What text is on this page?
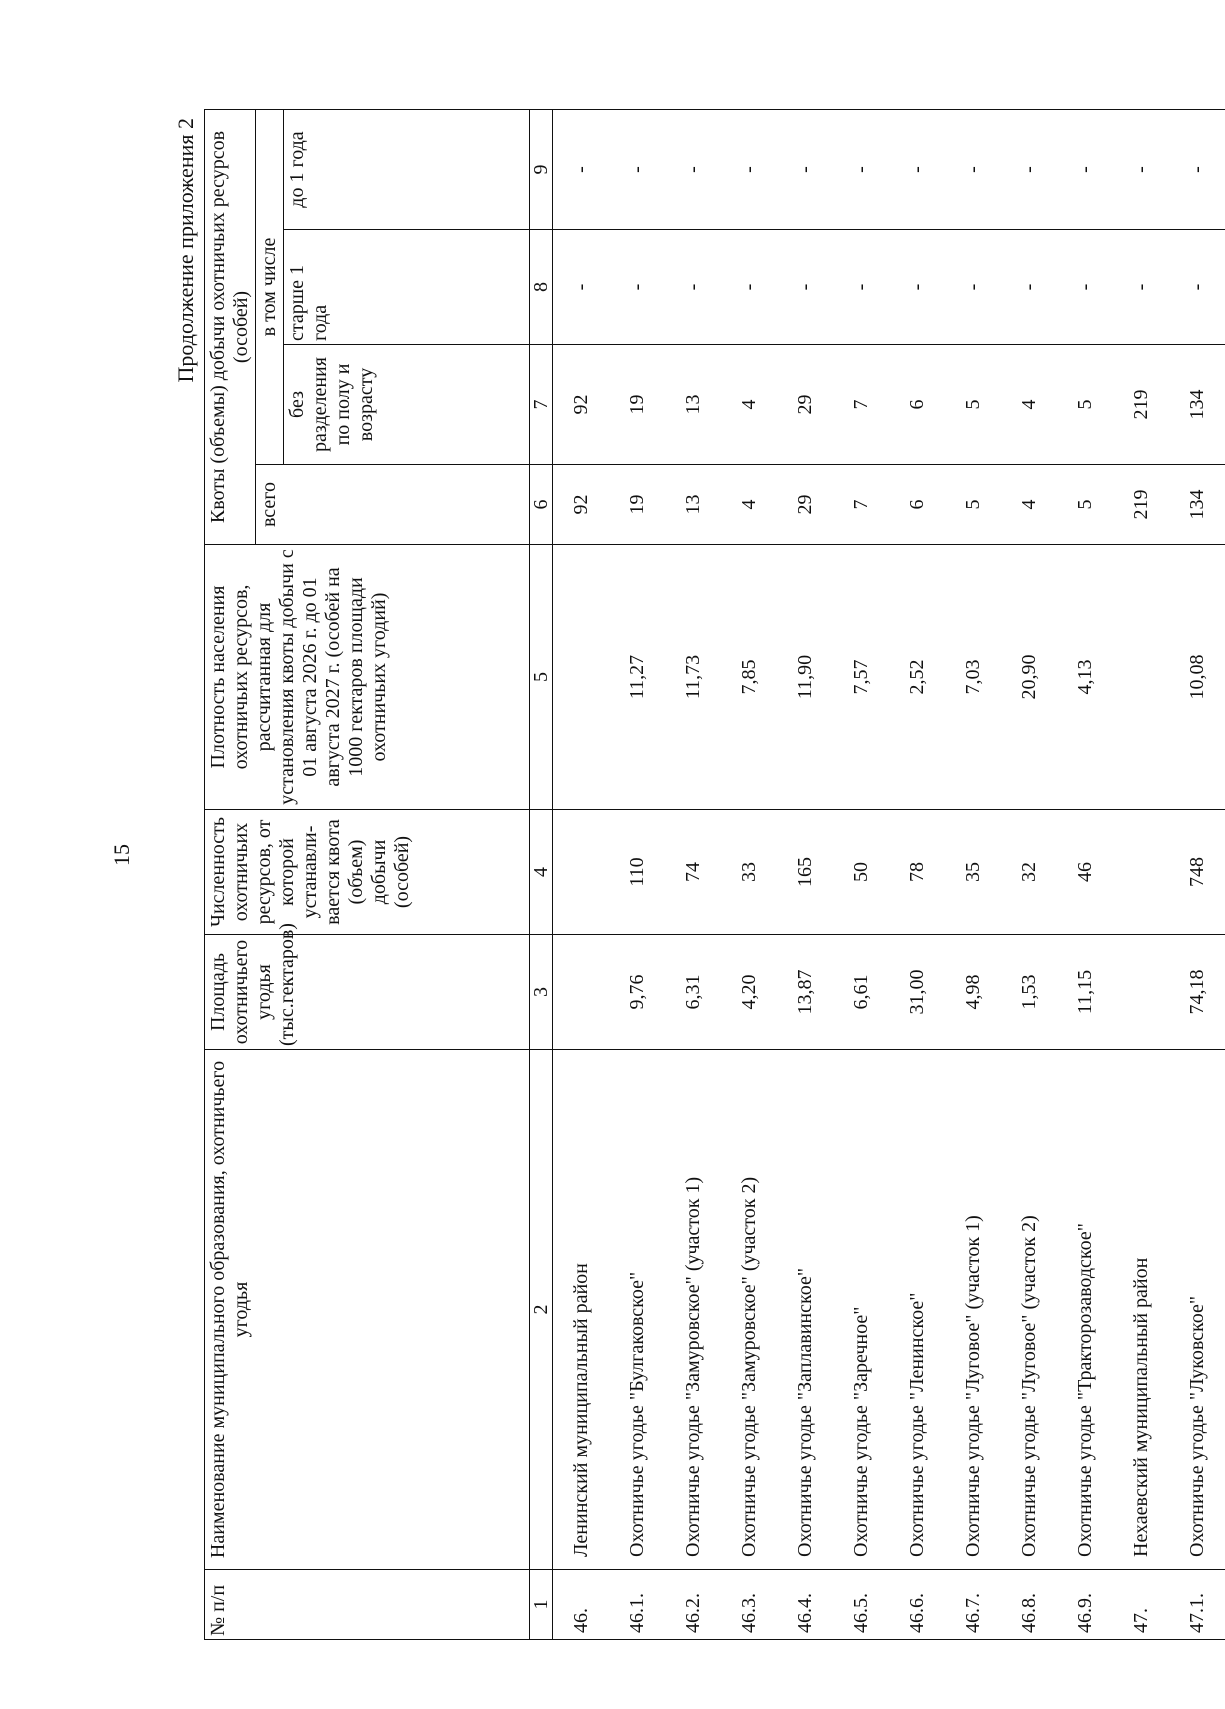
15
Продолжение приложения 2
№ п/п	Наименование муниципального образования, охотничьего угодья	Площадь охотничьего угодья (тыс.гектаров)	Численность охотничьих ресурсов, от которой устанавли-вается квота (объем) добычи (особей)	Плотность населения охотничьих ресурсов, рассчитанная для установления квоты добычи с 01 августа 2026 г. до 01 августа 2027 г. (особей на 1000 гектаров площади охотничьих угодий)	Квоты (объемы) добычи охотничьих ресурсов (особей)			
					всего	в том числе		
						без разделения по полу и возрасту	старше 1 года	до 1 года
1	2	3	4	5	6	7	8	9
46.	Ленинский муниципальный район				92	92	-	-
46.1.	Охотничье угодье "Булгаковское"	9,76	110	11,27	19	19	-	-
46.2.	Охотничье угодье "Замуровское" (участок 1)	6,31	74	11,73	13	13	-	-
46.3.	Охотничье угодье "Замуровское" (участок 2)	4,20	33	7,85	4	4	-	-
46.4.	Охотничье угодье "Заплавинское"	13,87	165	11,90	29	29	-	-
46.5.	Охотничье угодье "Заречное"	6,61	50	7,57	7	7	-	-
46.6.	Охотничье угодье "Ленинское"	31,00	78	2,52	6	6	-	-
46.7.	Охотничье угодье "Луговое" (участок 1)	4,98	35	7,03	5	5	-	-
46.8.	Охотничье угодье "Луговое" (участок 2)	1,53	32	20,90	4	4	-	-
46.9.	Охотничье угодье "Тракторозаводское"	11,15	46	4,13	5	5	-	-
47.	Нехаевский муниципальный район				219	219	-	-
47.1.	Охотничье угодье "Луковское"	74,18	748	10,08	134	134	-	-
